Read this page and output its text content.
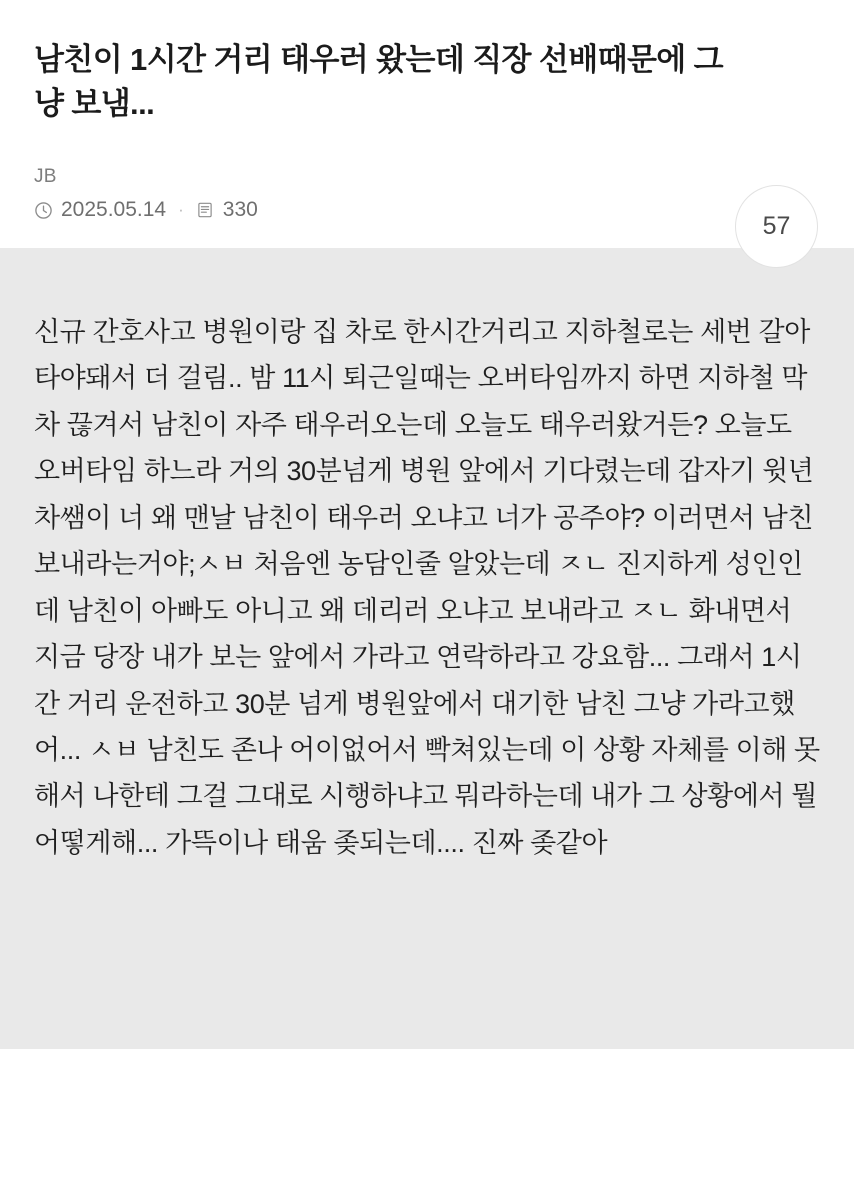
남친이 1시간 거리 태우러 왔는데 직장 선배때문에 그냥 보냄...
JB
2025.05.14 · 330
57

신규 간호사고 병원이랑 집 차로 한시간거리고 지하철로는 세번 갈아타야돼서 더 걸림.. 밤 11시 퇴근일때는 오버타임까지 하면 지하철 막차 끊겨서 남친이 자주 태우러오는데 오늘도 태우러왔거든? 오늘도 오버타임 하느라 거의 30분넘게 병원 앞에서 기다렸는데 갑자기 윗년차쌤이 너 왜 맨날 남친이 태우러 오냐고 너가 공주야? 이러면서 남친 보내라는거야;ㅅㅂ 처음엔 농담인줄 알았는데 ㅈㄴ 진지하게 성인인데 남친이 아빠도 아니고 왜 데리러 오냐고 보내라고 ㅈㄴ 화내면서 지금 당장 내가 보는 앞에서 가라고 연락하라고 강요함... 그래서 1시간 거리 운전하고 30분 넘게 병원앞에서 대기한 남친 그냥 가라고했어... ㅅㅂ 남친도 존나 어이없어서 빡쳐있는데 이 상황 자체를 이해 못해서 나한테 그걸 그대로 시행하냐고 뭐라하는데 내가 그 상황에서 뭘 어떻게해... 가뜩이나 태움 좆되는데.... 진짜 좆같아
